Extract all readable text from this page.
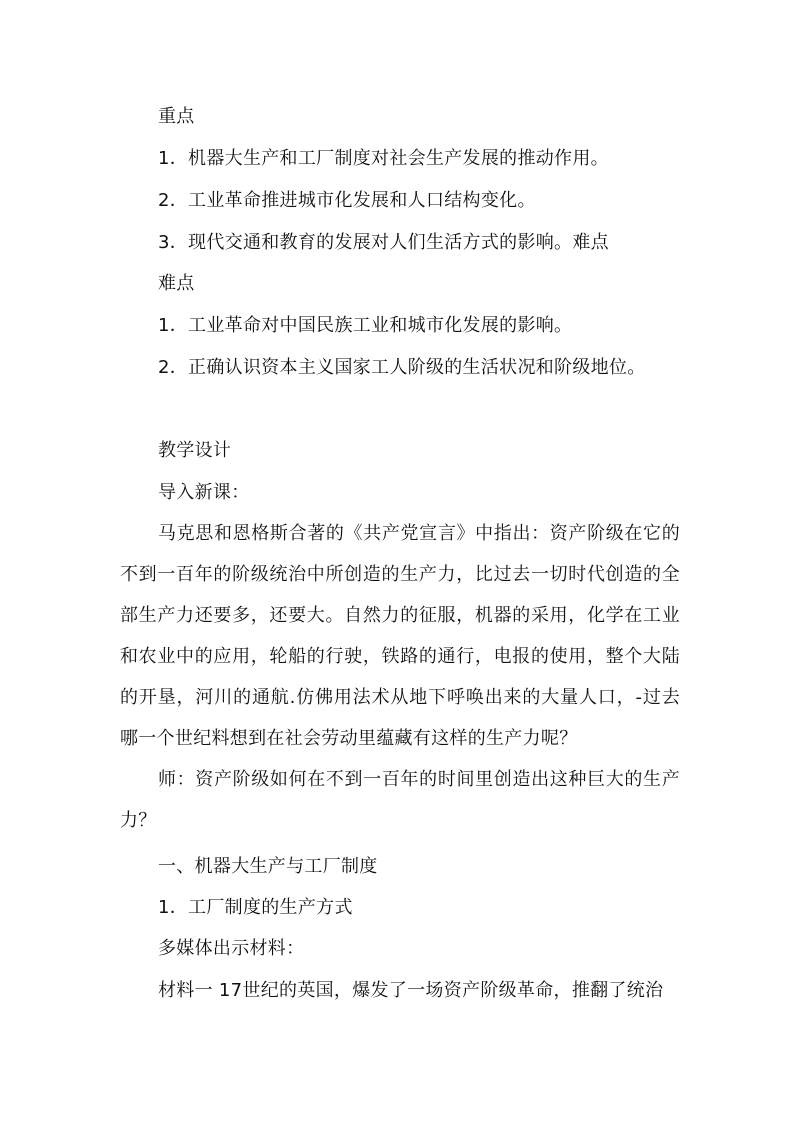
重点
1．机器大生产和工厂制度对社会生产发展的推动作用。
2．工业革命推进城市化发展和人口结构变化。
3．现代交通和教育的发展对人们生活方式的影响。难点
难点
1．工业革命对中国民族工业和城市化发展的影响。
2．正确认识资本主义国家工人阶级的生活状况和阶级地位。
教学设计
导入新课：
马克思和恩格斯合著的《共产党宣言》中指出：资产阶级在它的不到一百年的阶级统治中所创造的生产力，比过去一切时代创造的全部生产力还要多，还要大。自然力的征服，机器的采用，化学在工业和农业中的应用，轮船的行驶，铁路的通行，电报的使用，整个大陆的开垦，河川的通航.仿佛用法术从地下呼唤出来的大量人口，-过去哪一个世纪料想到在社会劳动里蕴藏有这样的生产力呢？
师：资产阶级如何在不到一百年的时间里创造出这种巨大的生产力？
一、机器大生产与工厂制度
1．工厂制度的生产方式
多媒体出示材料：
材料一 17世纪的英国，爆发了一场资产阶级革命，推翻了统治
